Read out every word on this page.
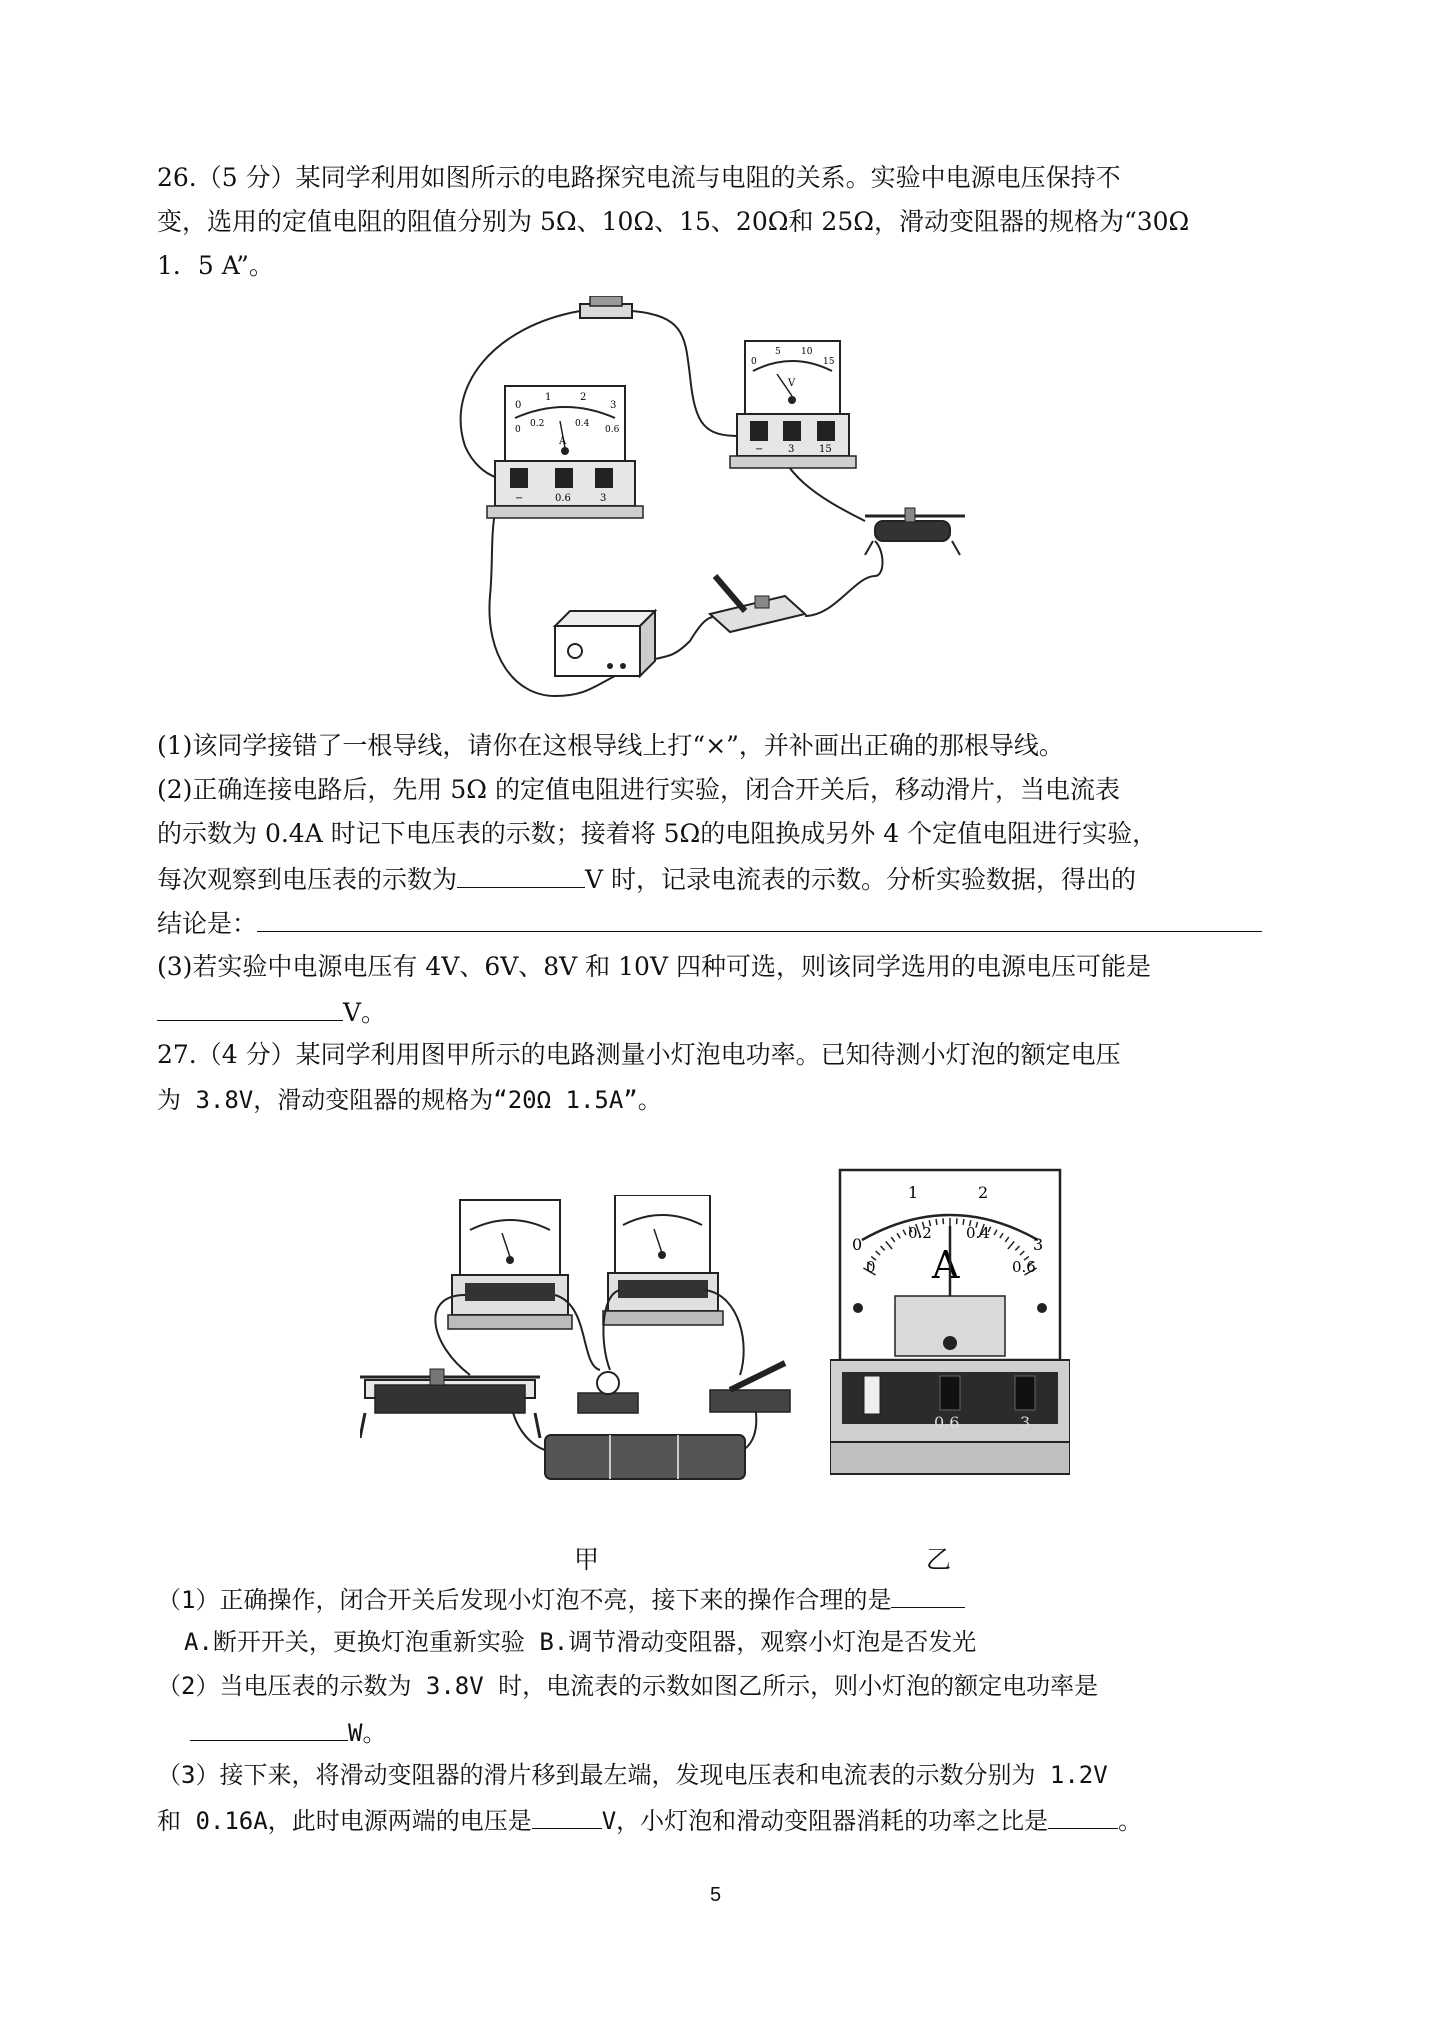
26.（5 分）某同学利用如图所示的电路探究电流与电阻的关系。实验中电源电压保持不
变，选用的定值电阻的阻值分别为 5Ω、10Ω、15、20Ω和 25Ω，滑动变阻器的规格为“30Ω
1．5 A”。
0
1	2
3
0
0.2	0.4
0.6
A
−	0.6	3
0
5 10
15
V
− 3 15
(1)该同学接错了一根导线，请你在这根导线上打“×”，并补画出正确的那根导线。
(2)正确连接电路后，先用 5Ω 的定值电阻进行实验，闭合开关后，移动滑片，当电流表
的示数为 0.4A 时记下电压表的示数；接着将 5Ω的电阻换成另外 4 个定值电阻进行实验，
每次观察到电压表的示数为	V 时，记录电流表的示数。分析实验数据，得出的
结论是：
(3)若实验中电源电压有 4V、6V、8V 和 10V 四种可选，则该同学选用的电源电压可能是
V。
27.（4 分）某同学利用图甲所示的电路测量小灯泡电功率。已知待测小灯泡的额定电压
为 3.8V，滑动变阻器的规格为“20Ω 1.5A”。
0
1	2
3
0
0.2 0.4
0.6
A
0.6	3
甲	乙
（1）正确操作，闭合开关后发现小灯泡不亮，接下来的操作合理的是
A.断开开关，更换灯泡重新实验 B.调节滑动变阻器，观察小灯泡是否发光
（2）当电压表的示数为 3.8V 时，电流表的示数如图乙所示，则小灯泡的额定电功率是
W。
（3）接下来，将滑动变阻器的滑片移到最左端，发现电压表和电流表的示数分别为 1.2V
和 0.16A，此时电源两端的电压是	V，小灯泡和滑动变阻器消耗的功率之比是	。
5
